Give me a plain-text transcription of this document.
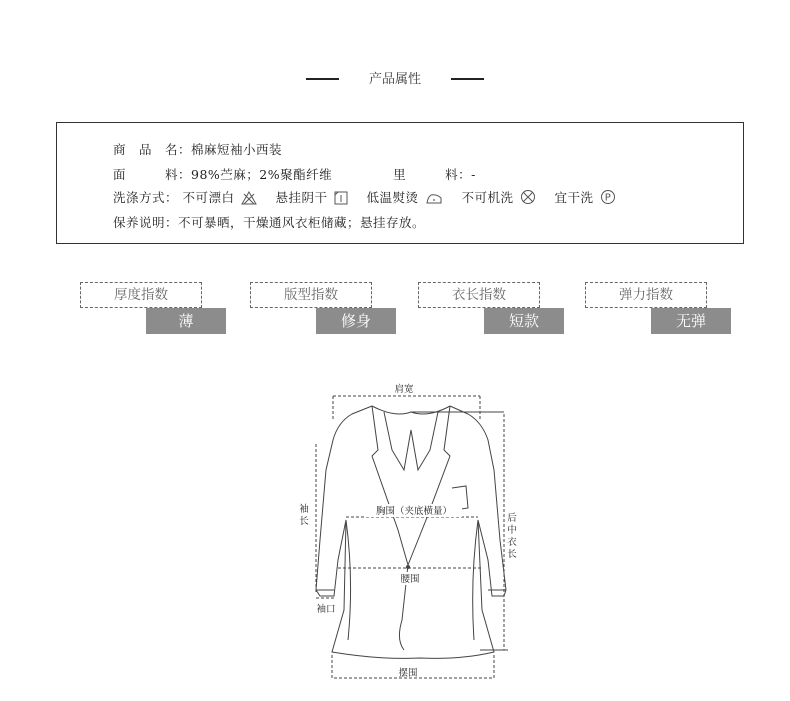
产品属性
商　品　名：棉麻短袖小西装
面　　　料：98%苎麻；2%聚酯纤维	里　　　料：-
洗涤方式： 不可漂白	悬挂阴干	低温熨烫	不可机洗	宜干洗 P
保养说明：不可暴晒，干燥通风衣柜储藏；悬挂存放。
厚度指数
薄
版型指数
修身
衣长指数
短款
弹力指数
无弹
肩宽
胸围（夹底横量）
腰围
袖
长
袖口
后
中
衣
长
摆围
